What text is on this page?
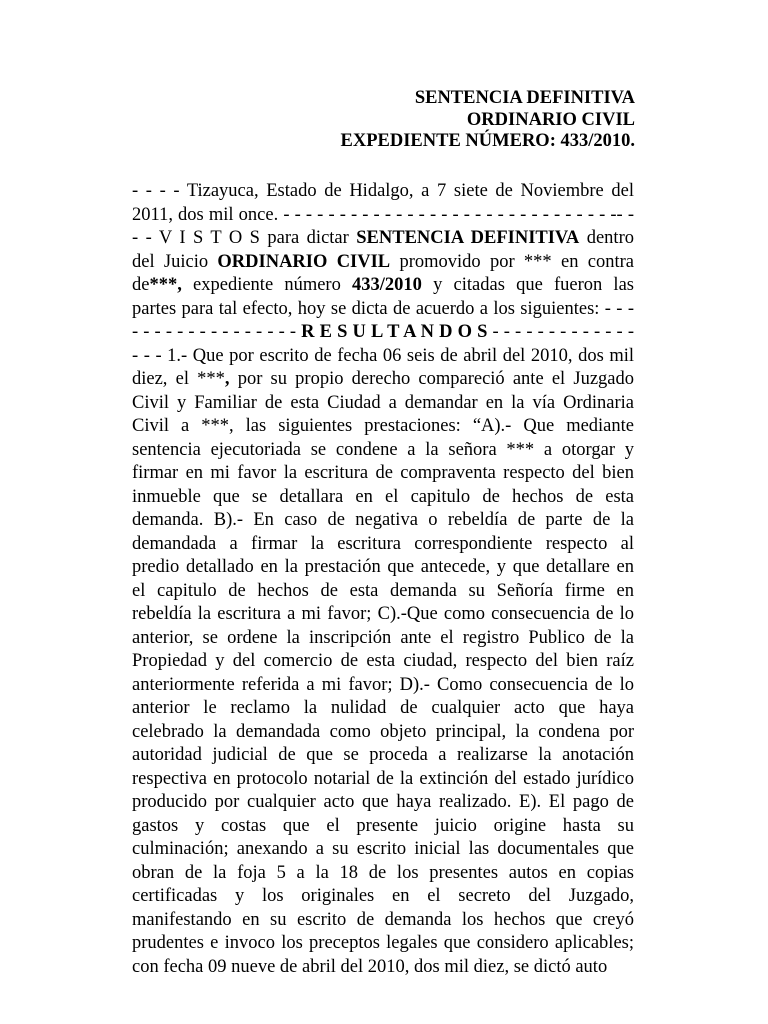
SENTENCIA DEFINITIVA
ORDINARIO CIVIL
EXPEDIENTE NÚMERO: 433/2010.
- - - - Tizayuca, Estado de Hidalgo, a 7 siete de Noviembre del
2011, dos mil once. - - - - - - - - - - - - - - - - - - - - - - - - - - - - - -- -
- - V I S T O S para dictar SENTENCIA DEFINITIVA dentro
del Juicio ORDINARIO CIVIL promovido por *** en contra
de***, expediente número 433/2010 y citadas que fueron las
partes para tal efecto, hoy se dicta de acuerdo a los siguientes: - - -
- - - - - - - - - - - - - - - R E S U L T A N D O S - - - - - - - - - - - - -
- - - 1.- Que por escrito de fecha 06 seis de abril del 2010, dos mil
diez, el ***, por su propio derecho compareció ante el Juzgado
Civil y Familiar de esta Ciudad a demandar en la vía Ordinaria
Civil a ***, las siguientes prestaciones: “A).- Que mediante
sentencia ejecutoriada se condene a la señora *** a otorgar y
firmar en mi favor la escritura de compraventa respecto del bien
inmueble que se detallara en el capitulo de hechos de esta
demanda. B).- En caso de negativa o rebeldía de parte de la
demandada a firmar la escritura correspondiente respecto al
predio detallado en la prestación que antecede, y que detallare en
el capitulo de hechos de esta demanda su Señoría firme en
rebeldía la escritura a mi favor; C).-Que como consecuencia de lo
anterior, se ordene la inscripción ante el registro Publico de la
Propiedad y del comercio de esta ciudad, respecto del bien raíz
anteriormente referida a mi favor; D).- Como consecuencia de lo
anterior le reclamo la nulidad de cualquier acto que haya
celebrado la demandada como objeto principal, la condena por
autoridad judicial de que se proceda a realizarse la anotación
respectiva en protocolo notarial de la extinción del estado jurídico
producido por cualquier acto que haya realizado. E). El pago de
gastos y costas que el presente juicio origine hasta su
culminación; anexando a su escrito inicial las documentales que
obran de la foja 5 a la 18 de los presentes autos en copias
certificadas y los originales en el secreto del Juzgado,
manifestando en su escrito de demanda los hechos que creyó
prudentes e invoco los preceptos legales que considero aplicables;
con fecha 09 nueve de abril del 2010, dos mil diez, se dictó auto
